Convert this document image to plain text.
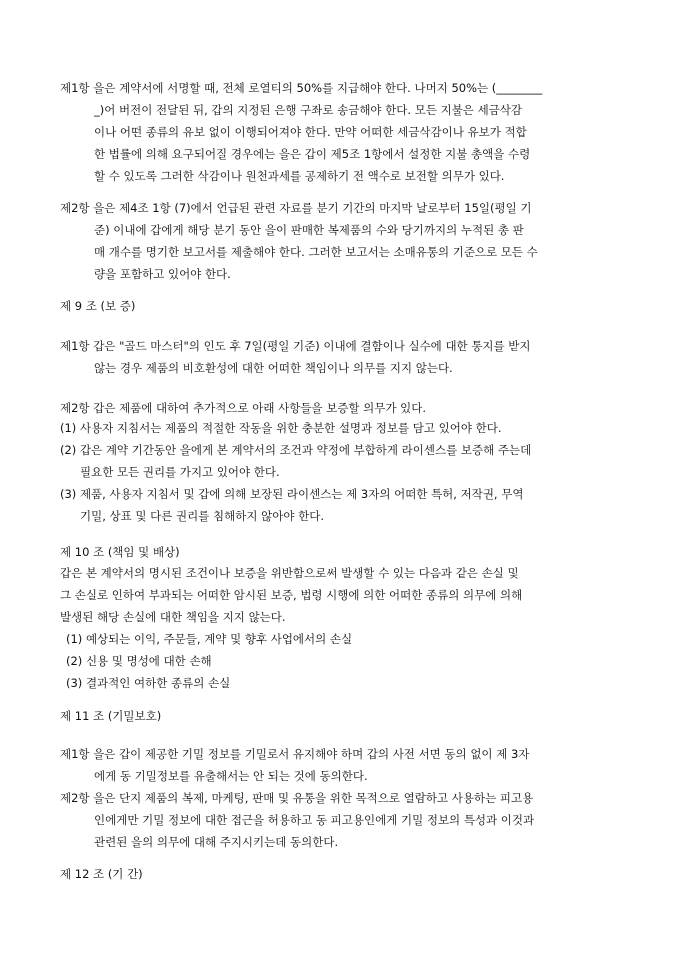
제1항 을은 계약서에 서명할 때, 전체 로열티의 50%를 지급해야 한다. 나머지 50%는 (________
_)어 버전이 전달된 뒤, 갑의 지정된 은행 구좌로 송금해야 한다. 모든 지불은 세금삭감
이나 어떤 종류의 유보 없이 이행되어져야 한다. 만약 어떠한 세금삭감이나 유보가 적합
한 법률에 의해 요구되어질 경우에는 을은 갑이 제5조 1항에서 설정한 지불 총액을 수령
할 수 있도록 그러한 삭감이나 원천과세를 공제하기 전 액수로 보전할 의무가 있다.
제2항 을은 제4조 1항 (7)에서 언급된 관련 자료를 분기 기간의 마지막 날로부터 15일(평일 기
준) 이내에 갑에게 해당 분기 동안 을이 판매한 복제품의 수와 당기까지의 누적된 총 판
매 개수를 명기한 보고서를 제출해야 한다. 그러한 보고서는 소매유통의 기준으로 모든 수
량을 포함하고 있어야 한다.
제 9 조 (보 증)
제1항 갑은 "골드 마스터"의 인도 후 7일(평일 기준) 이내에 결함이나 실수에 대한 통지를 받지
않는 경우 제품의 비호환성에 대한 어떠한 책임이나 의무를 지지 않는다.
제2항 갑은 제품에 대하여 추가적으로 아래 사항들을 보증할 의무가 있다.
(1) 사용자 지침서는 제품의 적절한 작동을 위한 충분한 설명과 정보를 담고 있어야 한다.
(2) 갑은 계약 기간동안 을에게 본 계약서의 조건과 약정에 부합하게 라이센스를 보증해 주는데
필요한 모든 권리를 가지고 있어야 한다.
(3) 제품, 사용자 지침서 및 갑에 의해 보장된 라이센스는 제 3자의 어떠한 특허, 저작권, 무역
기밀, 상표 및 다른 권리를 침해하지 않아야 한다.
제 10 조 (책임 및 배상)
갑은 본 계약서의 명시된 조건이나 보증을 위반함으로써 발생할 수 있는 다음과 같은 손실 및
그 손실로 인하여 부과되는 어떠한 암시된 보증, 법령 시행에 의한 어떠한 종류의 의무에 의해
발생된 해당 손실에 대한 책임을 지지 않는다.
(1) 예상되는 이익, 주문들, 계약 및 향후 사업에서의 손실
(2) 신용 및 명성에 대한 손해
(3) 결과적인 여하한 종류의 손실
제 11 조 (기밀보호)
제1항 을은 갑이 제공한 기밀 정보를 기밀로서 유지해야 하며 갑의 사전 서면 동의 없이 제 3자
에게 동 기밀정보를 유출해서는 안 되는 것에 동의한다.
제2항 을은 단지 제품의 복제, 마케팅, 판매 및 유통을 위한 목적으로 열람하고 사용하는 피고용
인에게만 기밀 정보에 대한 접근을 허용하고 동 피고용인에게 기밀 정보의 특성과 이것과
관련된 을의 의무에 대해 주지시키는데 동의한다.
제 12 조 (기 간)
